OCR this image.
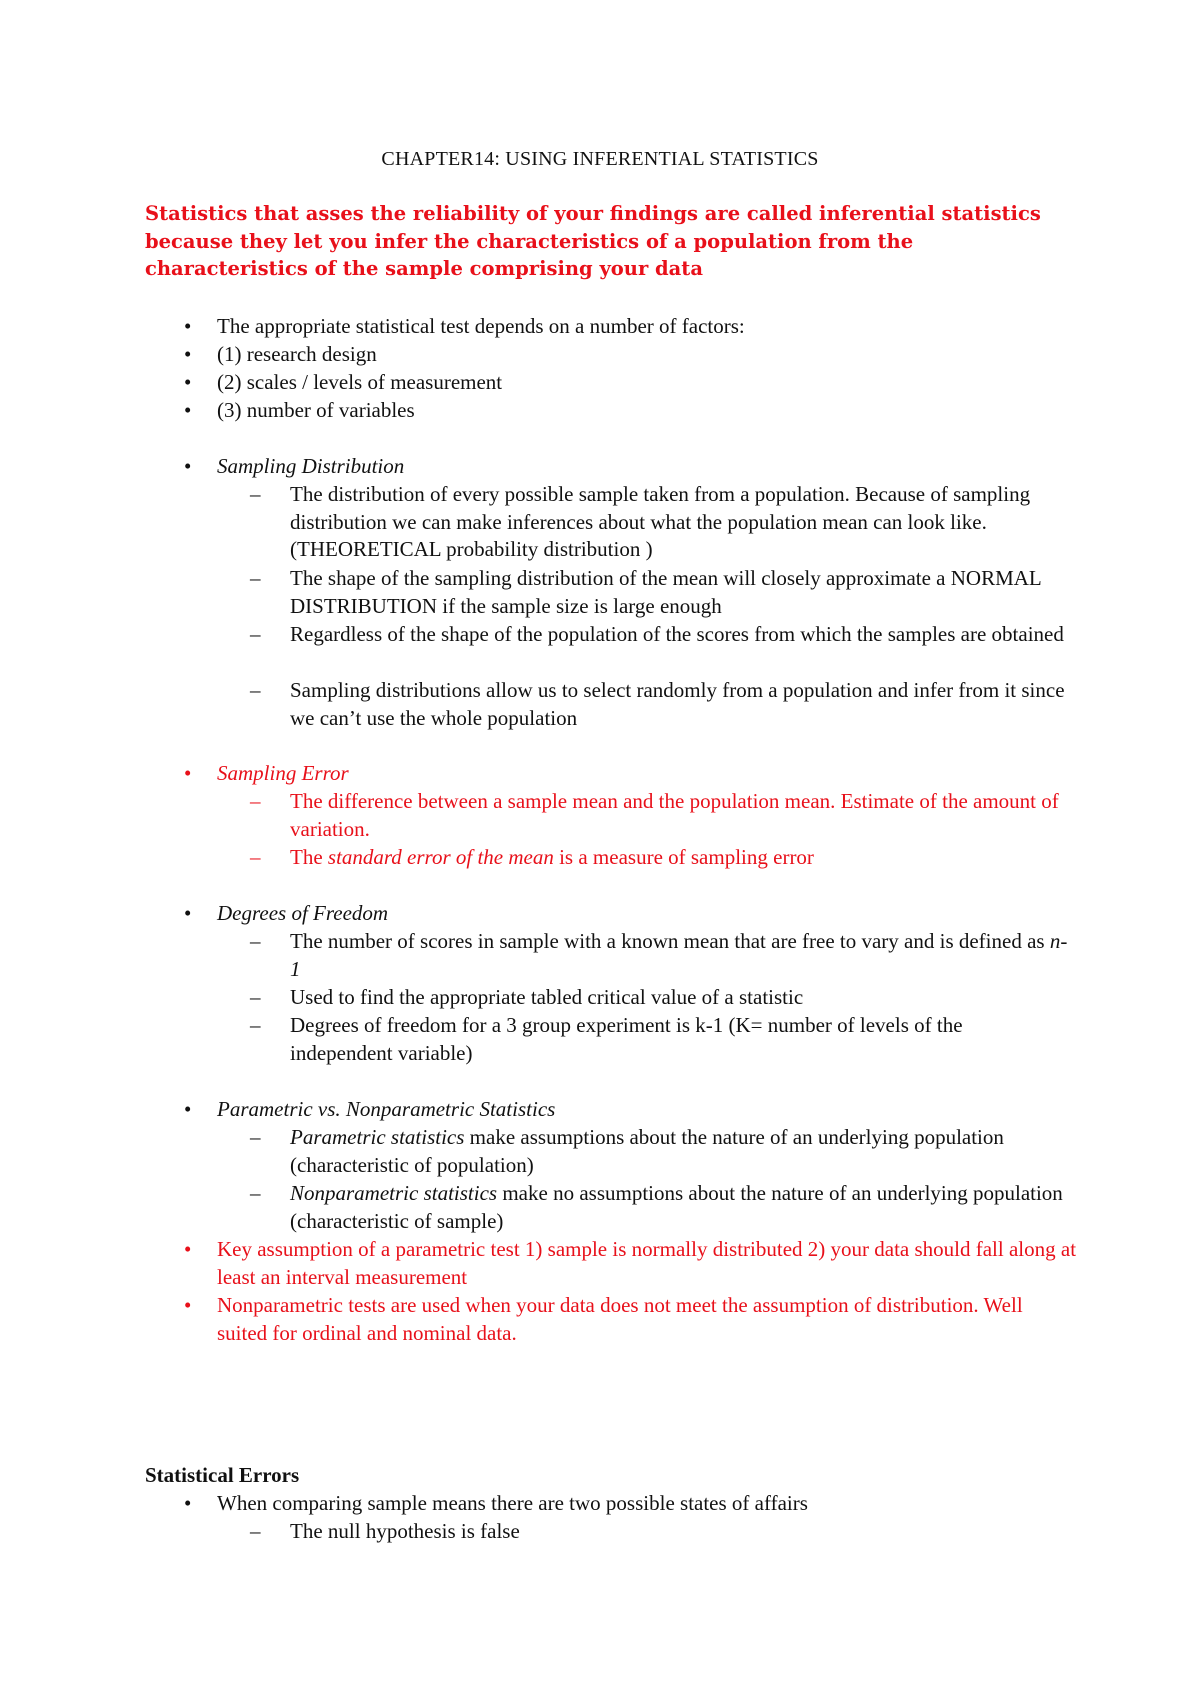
CHAPTER14: USING INFERENTIAL STATISTICS
Statistics that asses the reliability of your findings are called inferential statistics because they let you infer the characteristics of a population from the characteristics of the sample comprising your data
•	The appropriate statistical test depends on a number of factors:
•	(1) research design
•	(2) scales / levels of measurement
•	(3) number of variables
•	Sampling Distribution
–	The distribution of every possible sample taken from a population. Because of sampling distribution we can make inferences about what the population mean can look like. (THEORETICAL probability distribution )
–	The shape of the sampling distribution of the mean will closely approximate a NORMAL DISTRIBUTION if the sample size is large enough
–	Regardless of the shape of the population of the scores from which the samples are obtained
–	Sampling distributions allow us to select randomly from a population and infer from it since we can’t use the whole population
•	Sampling Error
–	The difference between a sample mean and the population mean. Estimate of the amount of variation.
–	The standard error of the mean is a measure of sampling error
•	Degrees of Freedom
–	The number of scores in sample with a known mean that are free to vary and is defined as n-1
–	Used to find the appropriate tabled critical value of a statistic
–	Degrees of freedom for a 3 group experiment is k-1 (K= number of levels of the independent variable)
•	Parametric vs. Nonparametric Statistics
–	Parametric statistics make assumptions about the nature of an underlying population (characteristic of population)
–	Nonparametric statistics make no assumptions about the nature of an underlying population (characteristic of sample)
•	Key assumption of a parametric test 1) sample is normally distributed 2) your data should fall along at least an interval measurement
•	Nonparametric tests are used when your data does not meet the assumption of distribution. Well suited for ordinal and nominal data.
Statistical Errors
•	When comparing sample means there are two possible states of affairs
–	The null hypothesis is false
